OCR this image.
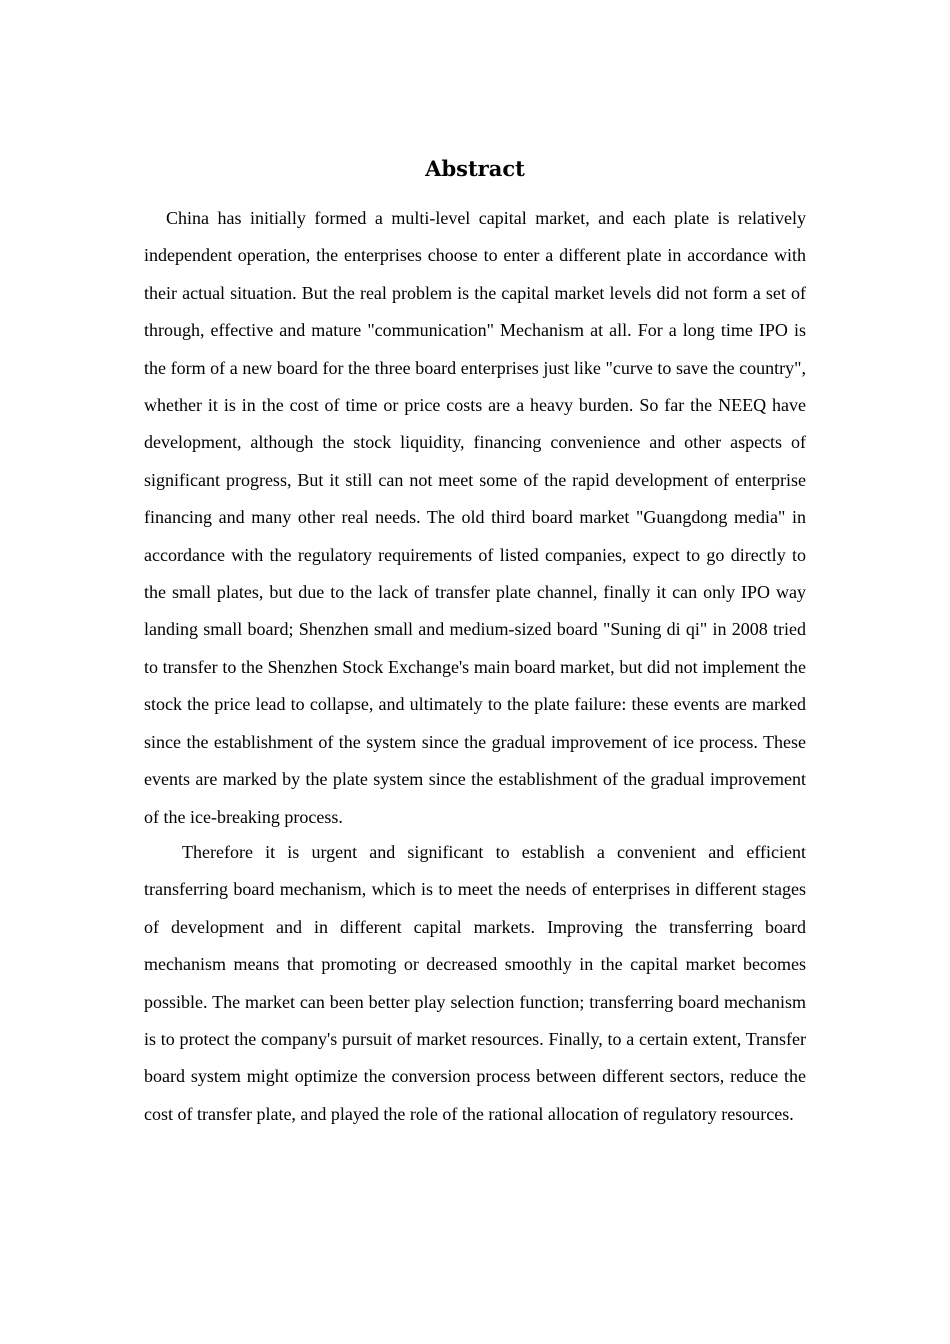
Abstract

China has initially formed a multi-level capital market, and each plate is relatively independent operation, the enterprises choose to enter a different plate in accordance with their actual situation. But the real problem is the capital market levels did not form a set of through, effective and mature "communication" Mechanism at all. For a long time IPO is the form of a new board for the three board enterprises just like "curve to save the country", whether it is in the cost of time or price costs are a heavy burden. So far the NEEQ have development, although the stock liquidity, financing convenience and other aspects of significant progress, But it still can not meet some of the rapid development of enterprise financing and many other real needs. The old third board market "Guangdong media" in accordance with the regulatory requirements of listed companies, expect to go directly to the small plates, but due to the lack of transfer plate channel, finally it can only IPO way landing small board; Shenzhen small and medium-sized board "Suning di qi" in 2008 tried to transfer to the Shenzhen Stock Exchange's main board market, but did not implement the stock the price lead to collapse, and ultimately to the plate failure: these events are marked since the establishment of the system since the gradual improvement of ice process. These events are marked by the plate system since the establishment of the gradual improvement of the ice-breaking process.

Therefore it is urgent and significant to establish a convenient and efficient transferring board mechanism, which is to meet the needs of enterprises in different stages of development and in different capital markets. Improving the transferring board mechanism means that promoting or decreased smoothly in the capital market becomes possible. The market can been better play selection function; transferring board mechanism is to protect the company's pursuit of market resources. Finally, to a certain extent, Transfer board system might optimize the conversion process between different sectors, reduce the cost of transfer plate, and played the role of the rational allocation of regulatory resources.
